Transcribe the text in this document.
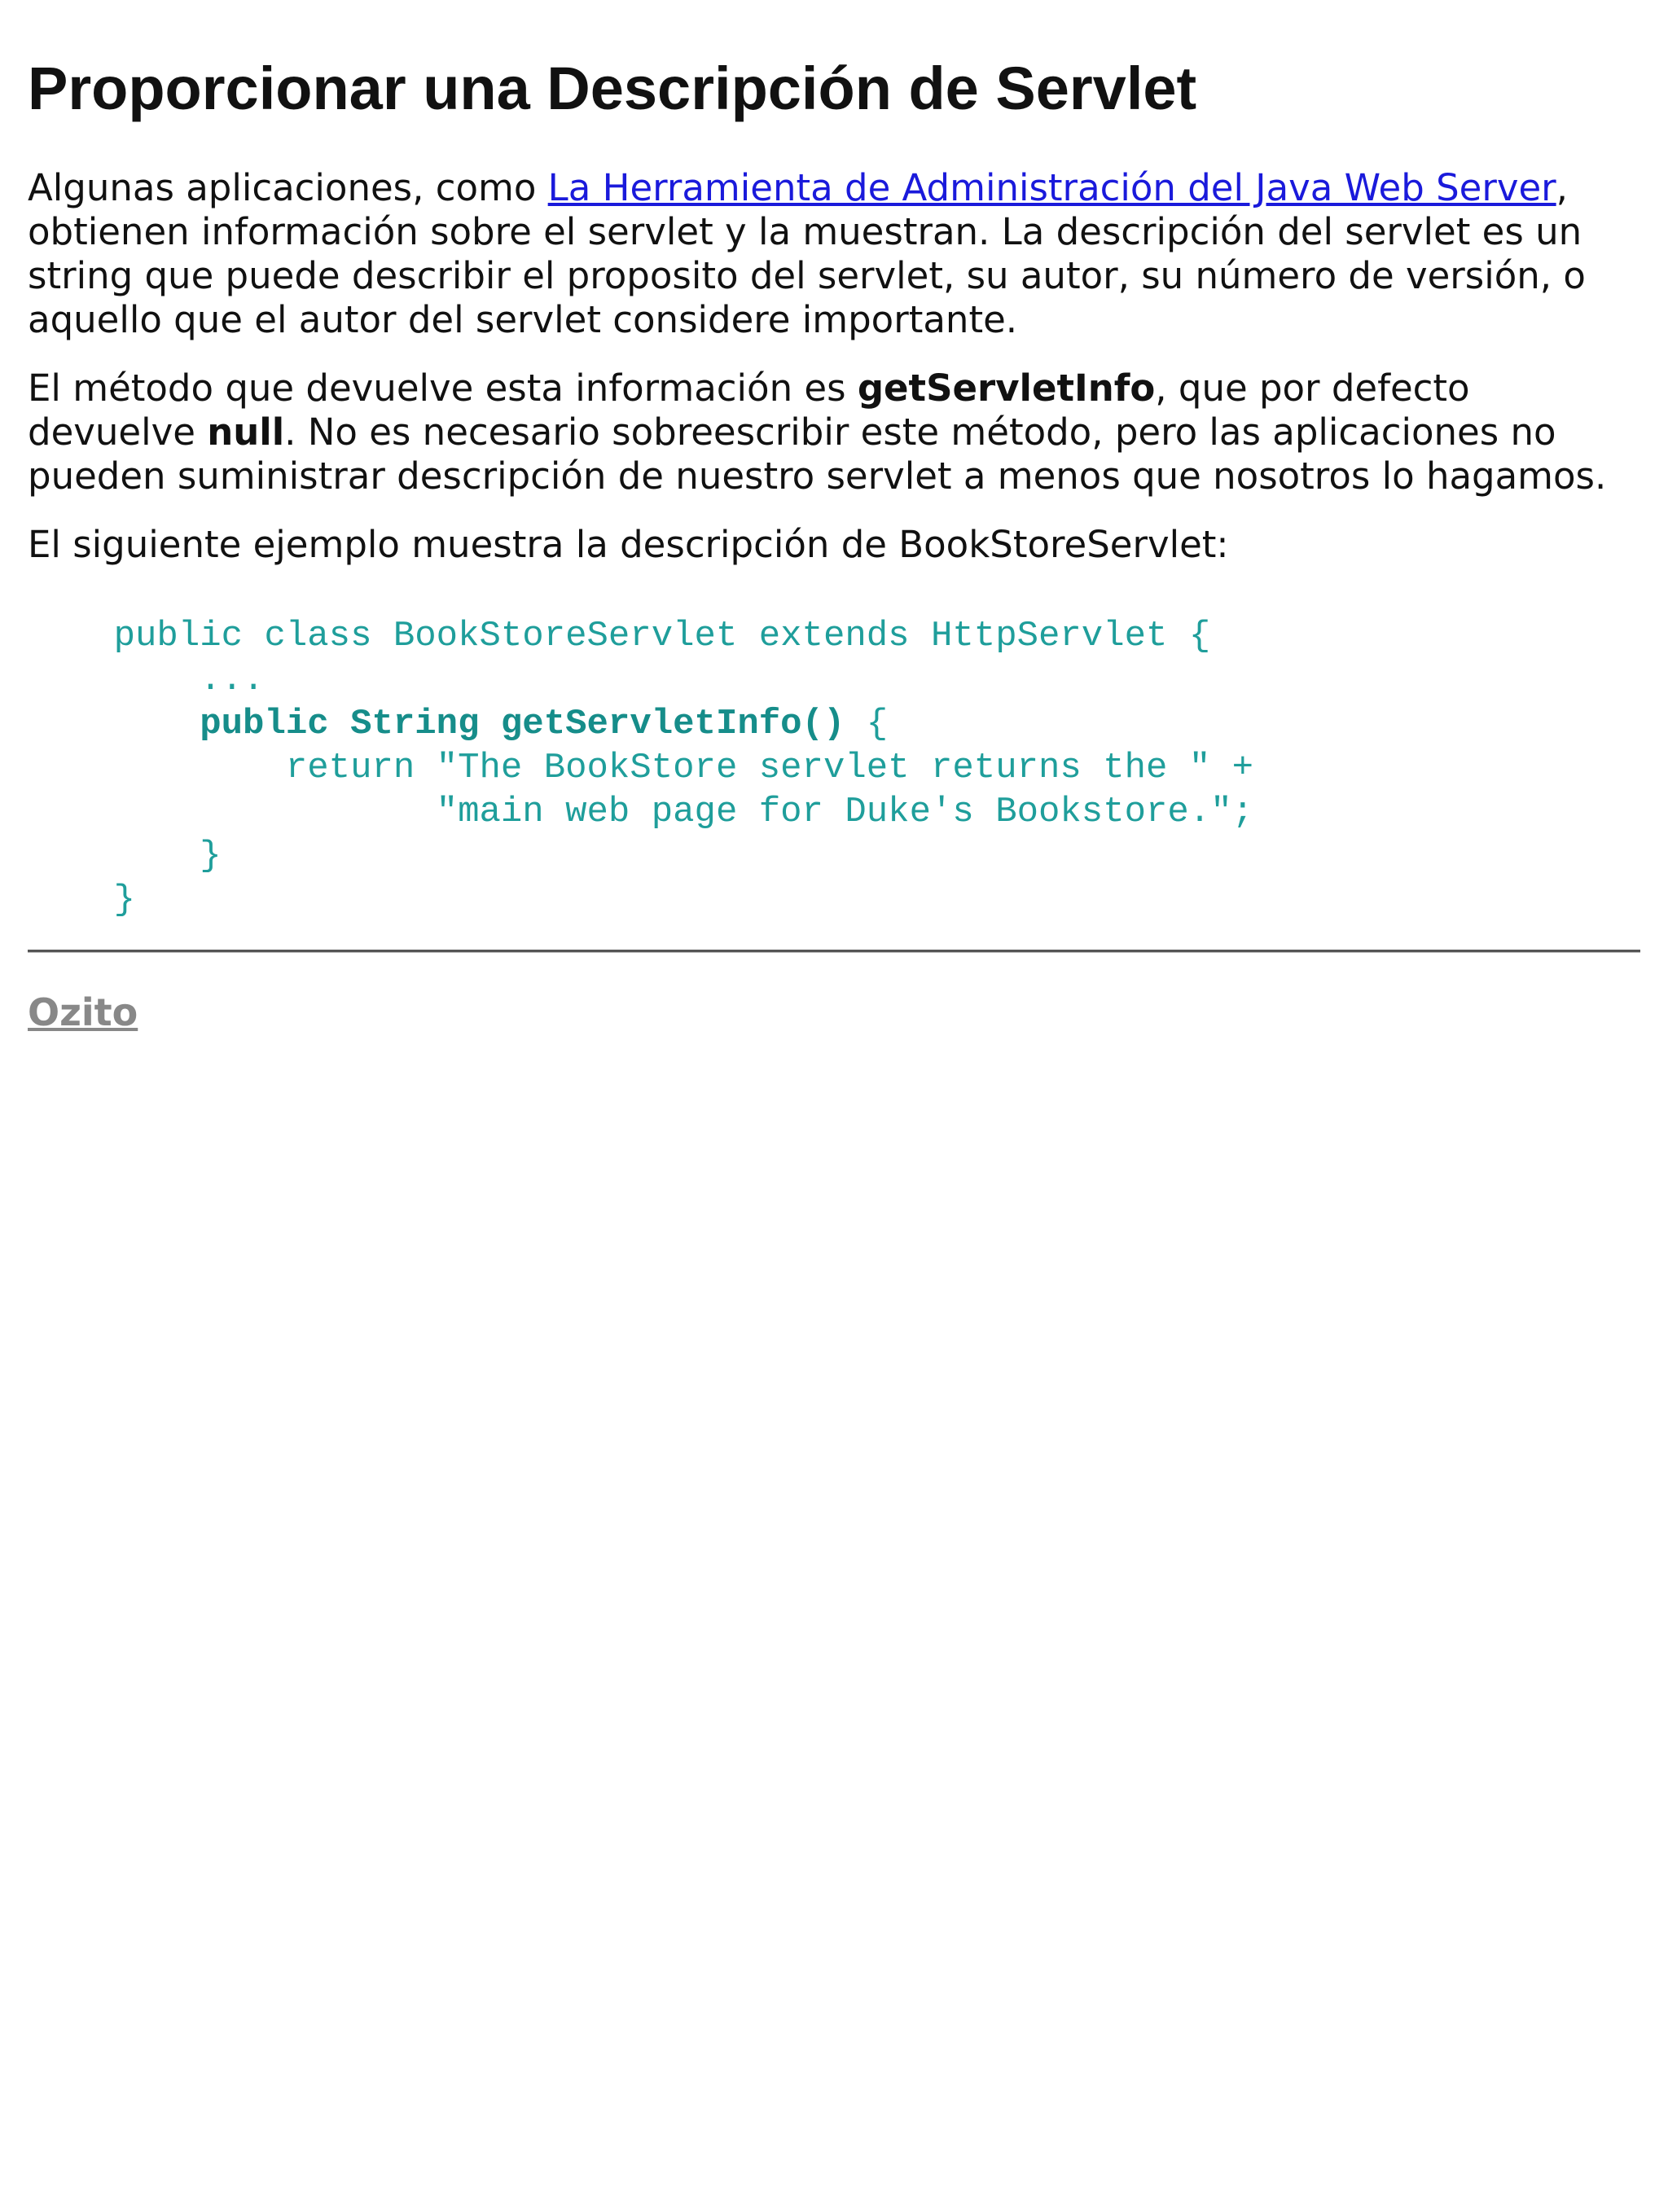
Proporcionar una Descripción de Servlet

Algunas aplicaciones, como La Herramienta de Administración del Java Web Server, obtienen información sobre el servlet y la muestran. La descripción del servlet es un string que puede describir el proposito del servlet, su autor, su número de versión, o aquello que el autor del servlet considere importante.

El método que devuelve esta información es getServletInfo, que por defecto devuelve null. No es necesario sobreescribir este método, pero las aplicaciones no pueden suministrar descripción de nuestro servlet a menos que nosotros lo hagamos.

El siguiente ejemplo muestra la descripción de BookStoreServlet:

public class BookStoreServlet extends HttpServlet {
...
public String getServletInfo() {
return "The BookStore servlet returns the " +
"main web page for Duke's Bookstore.";
}
}
Ozito
